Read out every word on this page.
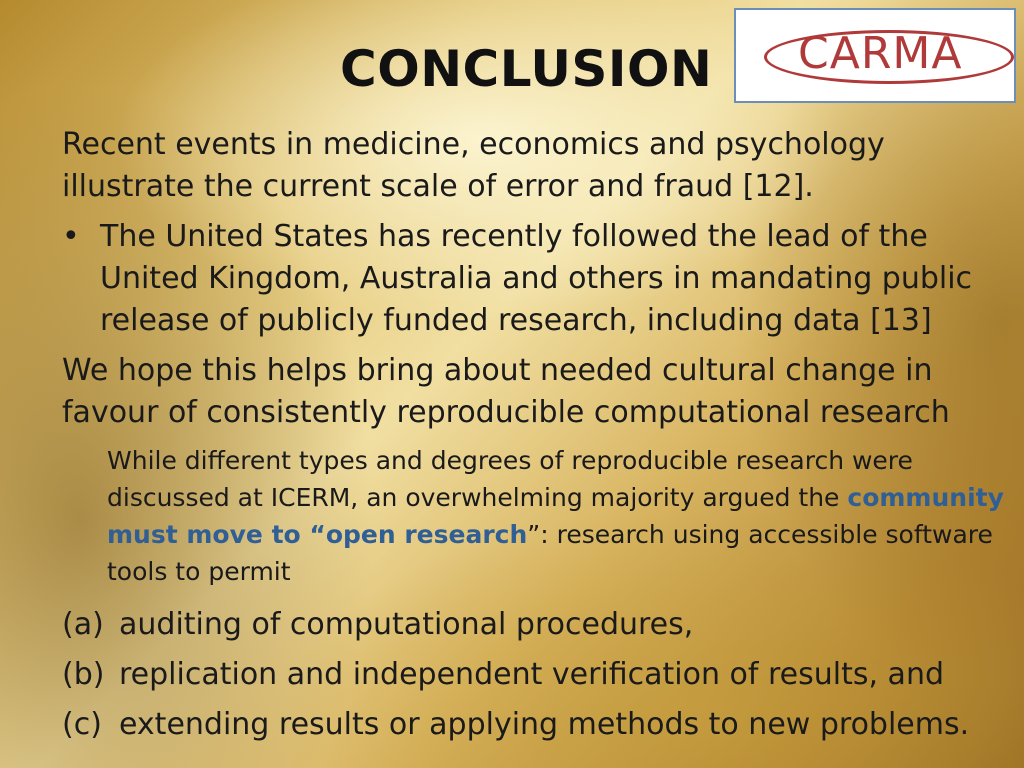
CONCLUSION CARMA

Recent events in medicine, economics and psychology illustrate the current scale of error and fraud [12].

• The United States has recently followed the lead of the United Kingdom, Australia and others in mandating public release of publicly funded research, including data [13]

We hope this helps bring about needed cultural change in favour of consistently reproducible computational research

While different types and degrees of reproducible research were discussed at ICERM, an overwhelming majority argued the community must move to “open research”: research using accessible software tools to permit
(a) auditing of computational procedures,
(b) replication and independent verification of results, and
(c) extending results or applying methods to new problems.
